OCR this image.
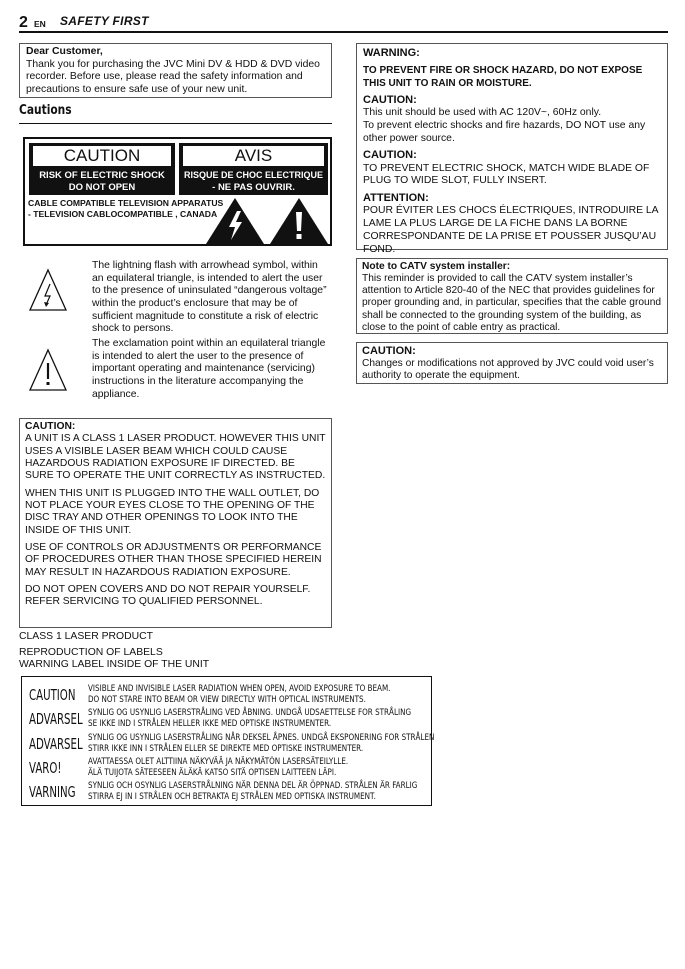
2 EN SAFETY FIRST
Dear Customer,
Thank you for purchasing the JVC Mini DV & HDD & DVD video recorder. Before use, please read the safety information and precautions to ensure safe use of your new unit.
Cautions
CAUTION
RISK OF ELECTRIC SHOCK
DO NOT OPEN
AVIS
RISQUE DE CHOC ELECTRIQUE
- NE PAS OUVRIR.
CABLE COMPATIBLE TELEVISION APPARATUS
- TELEVISION CABLOCOMPATIBLE , CANADA
The lightning flash with arrowhead symbol, within an equilateral triangle, is intended to alert the user to the presence of uninsulated “dangerous voltage” within the product’s enclosure that may be of sufficient magnitude to constitute a risk of electric shock to persons.
The exclamation point within an equilateral triangle is intended to alert the user to the presence of important operating and maintenance (servicing) instructions in the literature accompanying the appliance.
CAUTION:

A UNIT IS A CLASS 1 LASER PRODUCT. HOWEVER THIS UNIT USES A VISIBLE LASER BEAM WHICH COULD CAUSE HAZARDOUS RADIATION EXPOSURE IF DIRECTED. BE SURE TO OPERATE THE UNIT CORRECTLY AS INSTRUCTED.

WHEN THIS UNIT IS PLUGGED INTO THE WALL OUTLET, DO NOT PLACE YOUR EYES CLOSE TO THE OPENING OF THE DISC TRAY AND OTHER OPENINGS TO LOOK INTO THE INSIDE OF THIS UNIT.

USE OF CONTROLS OR ADJUSTMENTS OR PERFORMANCE OF PROCEDURES OTHER THAN THOSE SPECIFIED HEREIN MAY RESULT IN HAZARDOUS RADIATION EXPOSURE.

DO NOT OPEN COVERS AND DO NOT REPAIR YOURSELF. REFER SERVICING TO QUALIFIED PERSONNEL.

CLASS 1 LASER PRODUCT
REPRODUCTION OF LABELS
WARNING LABEL INSIDE OF THE UNIT
CAUTION VISIBLE AND INVISIBLE LASER RADIATION WHEN OPEN, AVOID EXPOSURE TO BEAM.
DO NOT STARE INTO BEAM OR VIEW DIRECTLY WITH OPTICAL INSTRUMENTS.
ADVARSEL SYNLIG OG USYNLIG LASERSTRÅLING VED ÅBNING. UNDGÅ UDSAETTELSE FOR STRÅLING
SE IKKE IND I STRÅLEN HELLER IKKE MED OPTISKE INSTRUMENTER.
ADVARSEL SYNLIG OG USYNLIG LASERSTRÅLING NÅR DEKSEL ÅPNES. UNDGÅ EKSPONERING FOR STRÅLEN
STIRR IKKE INN I STRÅLEN ELLER SE DIREKTE MED OPTISKE INSTRUMENTER.
VARO!	AVATTAESSA OLET ALTTIINA NÄKYVÄÄ JA NÄKYMÄTÖN LASERSÄTEILYLLE.
ÄLÄ TUIJOTA SÄTEESEEN ÄLÄKÄ KATSO SITÄ OPTISEN LAITTEEN LÄPI.
VARNING SYNLIG OCH OSYNLIG LASERSTRÅLNING NÄR DENNA DEL ÄR ÖPPNAD. STRÅLEN ÄR FARLIG
STIRRA EJ IN I STRÅLEN OCH BETRAKTA EJ STRÅLEN MED OPTISKA INSTRUMENT.
WARNING:
TO PREVENT FIRE OR SHOCK HAZARD, DO NOT EXPOSE THIS UNIT TO RAIN OR MOISTURE.
CAUTION:
This unit should be used with AC 120V~, 60Hz only.
To prevent electric shocks and fire hazards, DO NOT use any other power source.
CAUTION:
TO PREVENT ELECTRIC SHOCK, MATCH WIDE BLADE OF PLUG TO WIDE SLOT, FULLY INSERT.
ATTENTION:
POUR ÉVITER LES CHOCS ÉLECTRIQUES, INTRODUIRE LA LAME LA PLUS LARGE DE LA FICHE DANS LA BORNE CORRESPONDANTE DE LA PRISE ET POUSSER JUSQU’AU FOND.
Note to CATV system installer:
This reminder is provided to call the CATV system installer’s attention to Article 820-40 of the NEC that provides guidelines for proper grounding and, in particular, specifies that the cable ground shall be connected to the grounding system of the building, as close to the point of cable entry as practical.
CAUTION:
Changes or modifications not approved by JVC could void user’s authority to operate the equipment.
